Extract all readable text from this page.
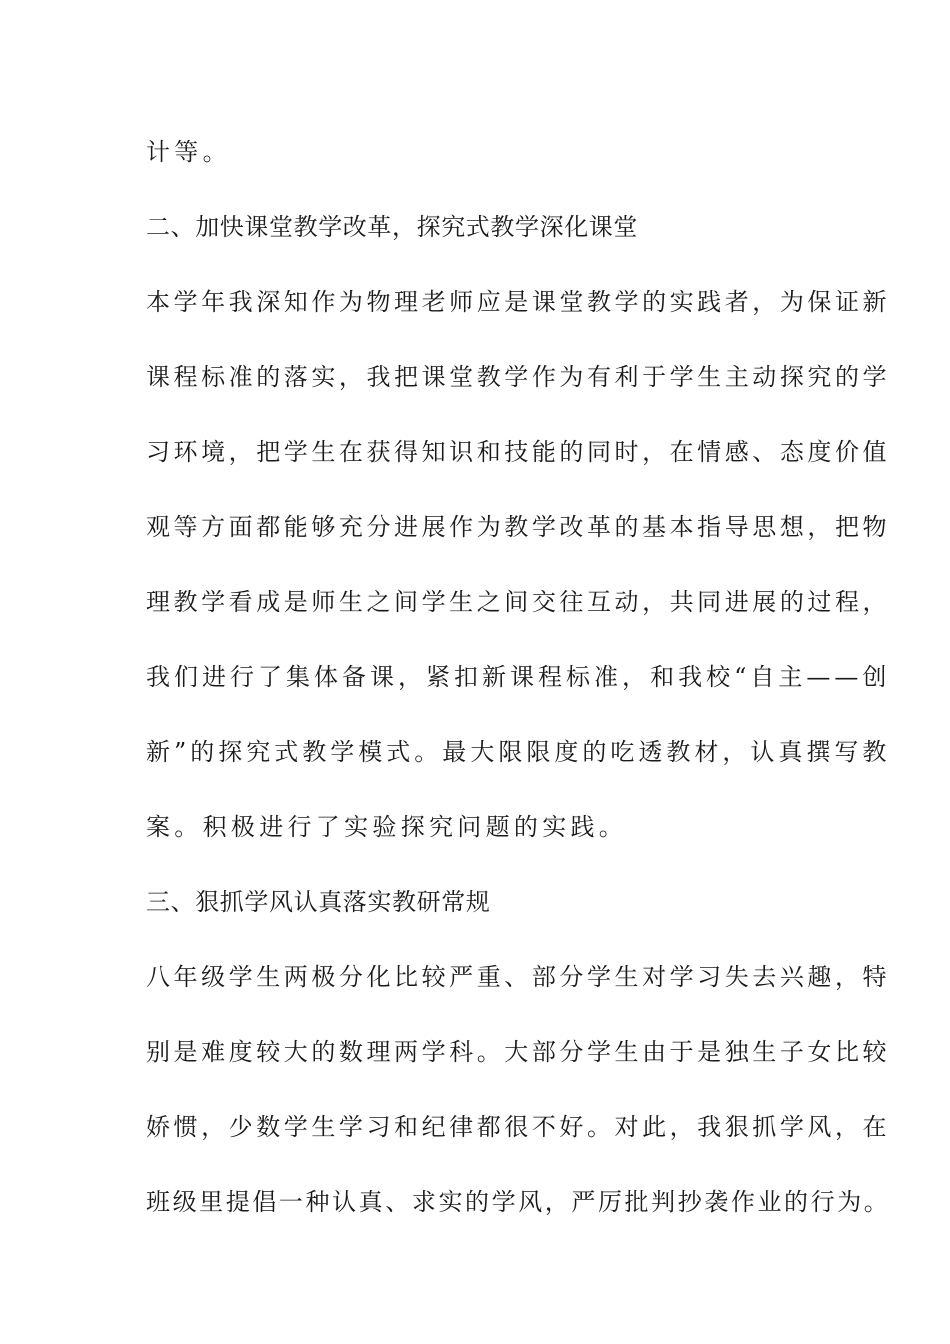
计等。

二、加快课堂教学改革，探究式教学深化课堂

本学年我深知作为物理老师应是课堂教学的实践者，为保证新

课程标准的落实，我把课堂教学作为有利于学生主动探究的学

习环境，把学生在获得知识和技能的同时，在情感、态度价值

观等方面都能够充分进展作为教学改革的基本指导思想，把物

理教学看成是师生之间学生之间交往互动，共同进展的过程，

我们进行了集体备课，紧扣新课程标准，和我校“自主——创

新”的探究式教学模式。最大限限度的吃透教材，认真撰写教

案。积极进行了实验探究问题的实践。

三、狠抓学风认真落实教研常规

八年级学生两极分化比较严重、部分学生对学习失去兴趣，特

别是难度较大的数理两学科。大部分学生由于是独生子女比较

娇惯，少数学生学习和纪律都很不好。对此，我狠抓学风，在

班级里提倡一种认真、求实的学风，严厉批判抄袭作业的行为。
